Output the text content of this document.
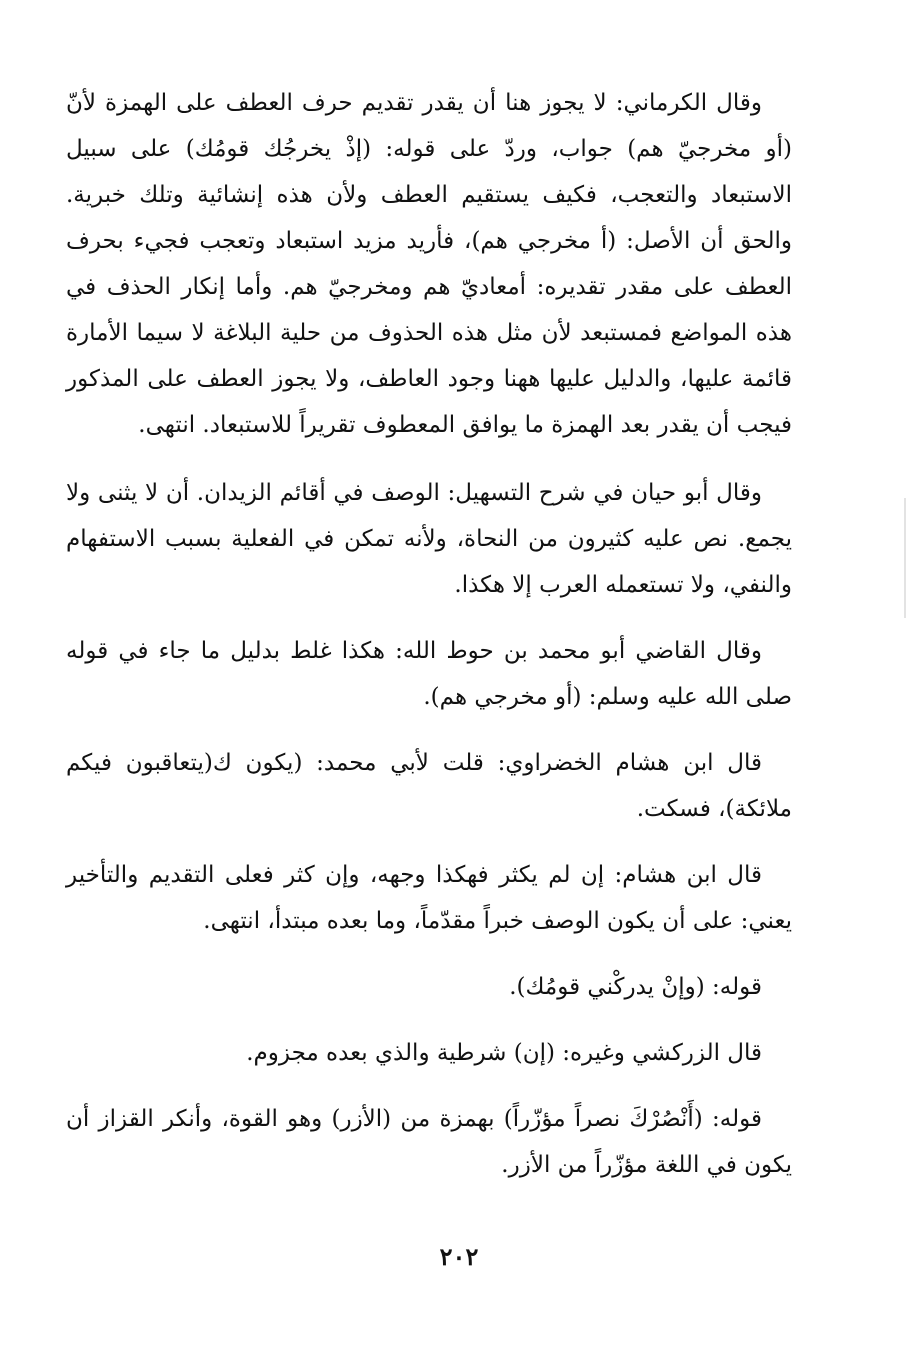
وقال الكرماني: لا يجوز هنا أن يقدر تقديم حرف العطف على الهمزة لأنّ (أو مخرجيّ هم) جواب، وردّ على قوله: (إذْ يخرجُك قومُك) على سبيل الاستبعاد والتعجب، فكيف يستقيم العطف ولأن هذه إنشائية وتلك خبرية. والحق أن الأصل: (أ مخرجي هم)، فأريد مزيد استبعاد وتعجب فجيء بحرف العطف على مقدر تقديره: أمعاديّ هم ومخرجيّ هم. وأما إنكار الحذف في هذه المواضع فمستبعد لأن مثل هذه الحذوف من حلية البلاغة لا سيما الأمارة قائمة عليها، والدليل عليها ههنا وجود العاطف، ولا يجوز العطف على المذكور فيجب أن يقدر بعد الهمزة ما يوافق المعطوف تقريراً للاستبعاد. انتهى.

وقال أبو حيان في شرح التسهيل: الوصف في أقائم الزيدان. أن لا يثنى ولا يجمع. نص عليه كثيرون من النحاة، ولأنه تمكن في الفعلية بسبب الاستفهام والنفي، ولا تستعمله العرب إلا هكذا.

وقال القاضي أبو محمد بن حوط الله: هكذا غلط بدليل ما جاء في قوله صلى الله عليه وسلم: (أو مخرجي هم).

قال ابن هشام الخضراوي: قلت لأبي محمد: (يكون ك(يتعاقبون فيكم ملائكة)، فسكت.

قال ابن هشام: إن لم يكثر فهكذا وجهه، وإن كثر فعلى التقديم والتأخير يعني: على أن يكون الوصف خبراً مقدّماً، وما بعده مبتدأ، انتهى.

قوله: (وإنْ يدركْني قومُك).

قال الزركشي وغيره: (إن) شرطية والذي بعده مجزوم.

قوله: (أَنْصُرْكَ نصراً مؤزّراً) بهمزة من (الأزر) وهو القوة، وأنكر القزاز أن يكون في اللغة مؤزّراً من الأزر.

٢٠٢
